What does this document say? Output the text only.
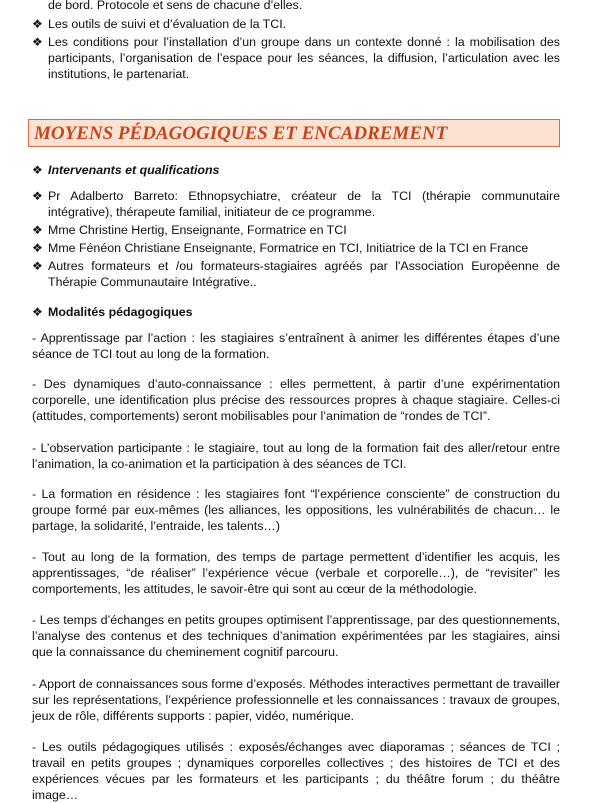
de bord. Protocole et sens de chacune d’elles.
❖ Les outils de suivi et d’évaluation de la TCI.
❖ Les conditions pour l’installation d’un groupe dans un contexte donné : la mobilisation des participants, l’organisation de l’espace pour les séances, la diffusion, l’articulation avec les institutions, le partenariat.
MOYENS PÉDAGOGIQUES ET ENCADREMENT
❖ Intervenants et qualifications
❖ Pr Adalberto Barreto: Ethnopsychiatre, créateur de la TCI (thérapie communutaire intégrative), thérapeute familial, initiateur de ce programme.
❖ Mme Christine Hertig, Enseignante, Formatrice en TCI
❖ Mme Fénéon Christiane Enseignante, Formatrice en TCI, Initiatrice de la TCI en France
❖ Autres formateurs et /ou formateurs-stagiaires agréés par l'Association Européenne de Thérapie Communautaire Intégrative..
❖ Modalités pédagogiques
- Apprentissage par l’action : les stagiaires s’entraînent à animer les différentes étapes d’une séance de TCI tout au long de la formation.
- Des dynamiques d’auto-connaissance : elles permettent, à partir d’une expérimentation corporelle, une identification plus précise des ressources propres à chaque stagiaire. Celles-ci (attitudes, comportements) seront mobilisables pour l’animation de “rondes de TCI”.
- L’observation participante : le stagiaire, tout au long de la formation fait des aller/retour entre l’animation, la co-animation et la participation à des séances de TCI.
- La formation en résidence : les stagiaires font “l’expérience consciente” de construction du groupe formé par eux-mêmes (les alliances, les oppositions, les vulnérabilités de chacun… le partage, la solidarité, l’entraide, les talents…)
- Tout au long de la formation, des temps de partage permettent d’identifier les acquis, les apprentissages, “de réaliser” l’expérience vécue (verbale et corporelle…), de “revisiter” les comportements, les attitudes, le savoir-être qui sont au cœur de la méthodologie.
- Les temps d’échanges en petits groupes optimisent l’apprentissage, par des questionnements, l’analyse des contenus et des techniques d’animation expérimentées par les stagiaires, ainsi que la connaissance du cheminement cognitif parcouru.
- Apport de connaissances sous forme d’exposés. Méthodes interactives permettant de travailler sur les représentations, l’expérience professionnelle et les connaissances : travaux de groupes, jeux de rôle, différents supports : papier, vidéo, numérique.
- Les outils pédagogiques utilisés : exposés/échanges avec diaporamas ; séances de TCI ; travail en petits groupes ; dynamiques corporelles collectives ; des histoires de TCI et des expériences vécues par les formateurs et les participants ; du théâtre forum ; du théâtre image…
